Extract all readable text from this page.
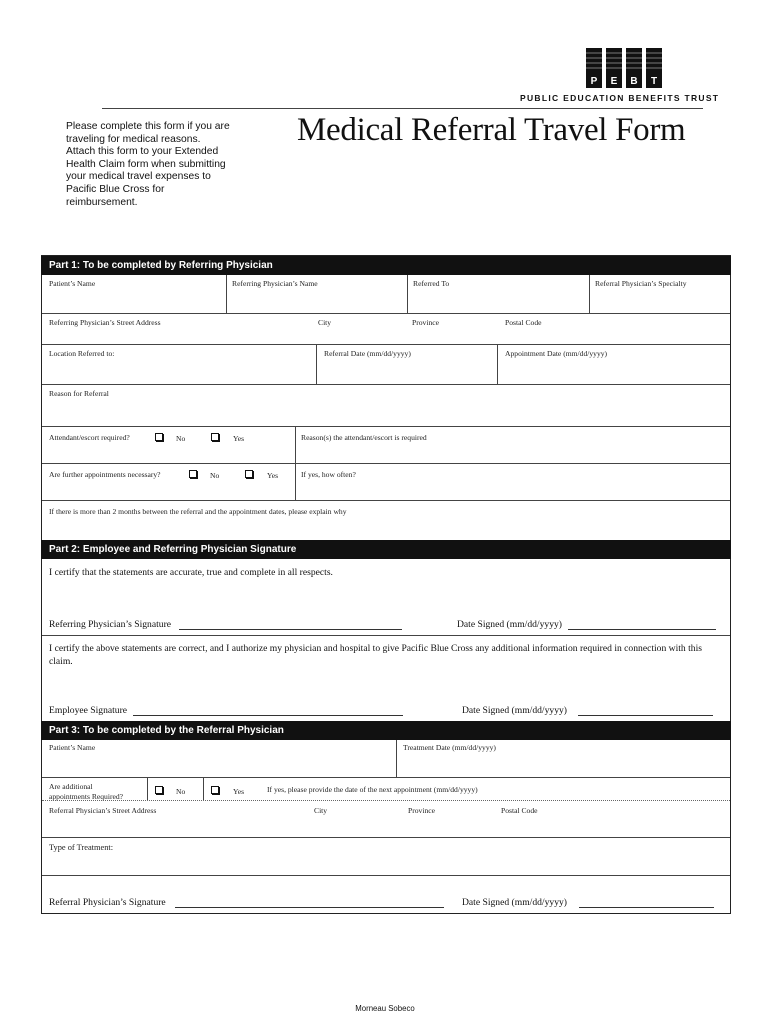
P E B T
PUBLIC EDUCATION BENEFITS TRUST
Please complete this form if you are
traveling for medical reasons.
Attach this form to your Extended
Health Claim form when submitting
your medical travel expenses to
Pacific Blue Cross for
reimbursement.
Medical Referral Travel Form
Part 1: To be completed by Referring Physician
Patient’s Name	Referring Physician’s Name	Referred To	Referral Physician’s Specialty
Referring Physician’s Street Address	City	Province	Postal Code
Location Referred to:	Referral Date (mm/dd/yyyy)	Appointment Date (mm/dd/yyyy)
Reason for Referral
Attendant/escort required?	No	Yes	Reason(s) the attendant/escort is required
Are further appointments necessary?	No	Yes	If yes, how often?
If there is more than 2 months between the referral and the appointment dates, please explain why
Part 2: Employee and Referring Physician Signature
I certify that the statements are accurate, true and complete in all respects.
Referring Physician’s Signature	Date Signed (mm/dd/yyyy)
I certify the above statements are correct, and I authorize my physician and hospital to give Pacific Blue Cross any additional information required in connection with this claim.
Employee Signature	Date Signed (mm/dd/yyyy)
Part 3: To be completed by the Referral Physician
Patient’s Name	Treatment Date (mm/dd/yyyy)
Are additional
appointments Required?	No	Yes	If yes, please provide the date of the next appointment (mm/dd/yyyy)
Referral Physician’s Street Address	City	Province	Postal Code
Type of Treatment:
Referral Physician’s Signature	Date Signed (mm/dd/yyyy)
Morneau Sobeco
